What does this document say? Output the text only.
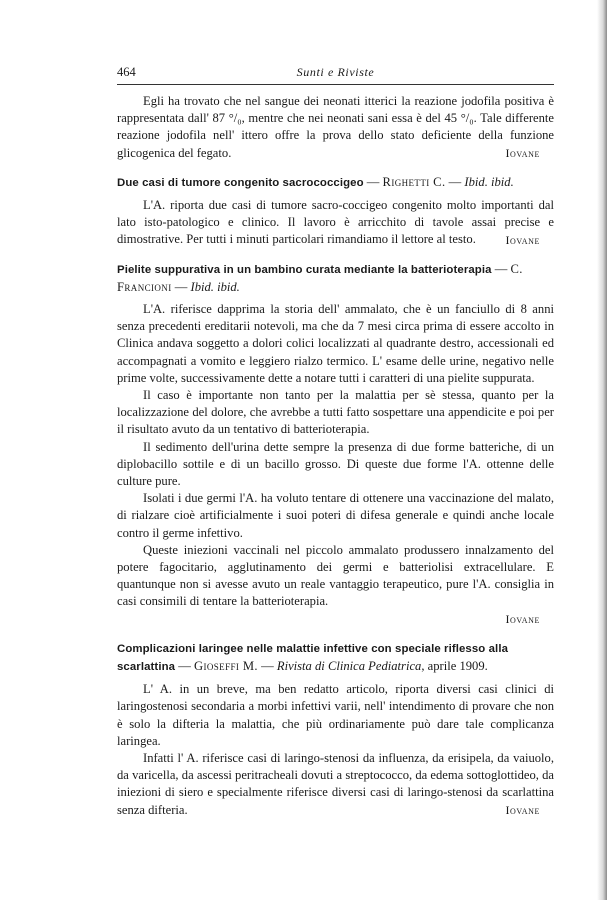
464	Sunti e Riviste

Egli ha trovato che nel sangue dei neonati itterici la reazione jodofila positiva è rappresentata dall' 87 °/₀, mentre che nei neonati sani essa è del 45 °/₀. Tale differente reazione jodofila nell' ittero offre la prova dello stato deficiente della funzione glicogenica del fegato.	Iovane

Due casi di tumore congenito sacrococcigeo — Righetti C. — Ibid. ibid.

L'A. riporta due casi di tumore sacro-coccigeo congenito molto importanti dal lato isto-patologico e clinico. Il lavoro è arricchito di tavole assai precise e dimostrative. Per tutti i minuti particolari rimandiamo il lettore al testo.	Iovane

Pielite suppurativa in un bambino curata mediante la batterioterapia — C. Francioni — Ibid. ibid.

L'A. riferisce dapprima la storia dell' ammalato, che è un fanciullo di 8 anni senza precedenti ereditarii notevoli, ma che da 7 mesi circa prima di essere accolto in Clinica andava soggetto a dolori colici localizzati al quadrante destro, accessionali ed accompagnati a vomito e leggiero rialzo termico. L' esame delle urine, negativo nelle prime volte, successivamente dette a notare tutti i caratteri di una pielite suppurata.

Il caso è importante non tanto per la malattia per sè stessa, quanto per la localizzazione del dolore, che avrebbe a tutti fatto sospettare una appendicite e poi per il risultato avuto da un tentativo di batterioterapia.

Il sedimento dell'urina dette sempre la presenza di due forme batteriche, di un diplobacillo sottile e di un bacillo grosso. Di queste due forme l'A. ottenne delle culture pure.

Isolati i due germi l'A. ha voluto tentare di ottenere una vaccinazione del malato, di rialzare cioè artificialmente i suoi poteri di difesa generale e quindi anche locale contro il germe infettivo.

Queste iniezioni vaccinali nel piccolo ammalato produssero innalzamento del potere fagocitario, agglutinamento dei germi e batteriolisi extracellulare. E quantunque non si avesse avuto un reale vantaggio terapeutico, pure l'A. consiglia in casi consimili di tentare la batterioterapia.

Iovane

Complicazioni laringee nelle malattie infettive con speciale riflesso alla scarlattina — Gioseffi M. — Rivista di Clinica Pediatrica, aprile 1909.

L' A. in un breve, ma ben redatto articolo, riporta diversi casi clinici di laringostenosi secondaria a morbi infettivi varii, nell' intendimento di provare che non è solo la difteria la malattia, che più ordinariamente può dare tale complicanza laringea.

Infatti l' A. riferisce casi di laringo-stenosi da influenza, da erisipela, da vaiuolo, da varicella, da ascessi peritracheali dovuti a streptococco, da edema sottoglottideo, da iniezioni di siero e specialmente riferisce diversi casi di laringo-stenosi da scarlattina senza difteria.	Iovane
